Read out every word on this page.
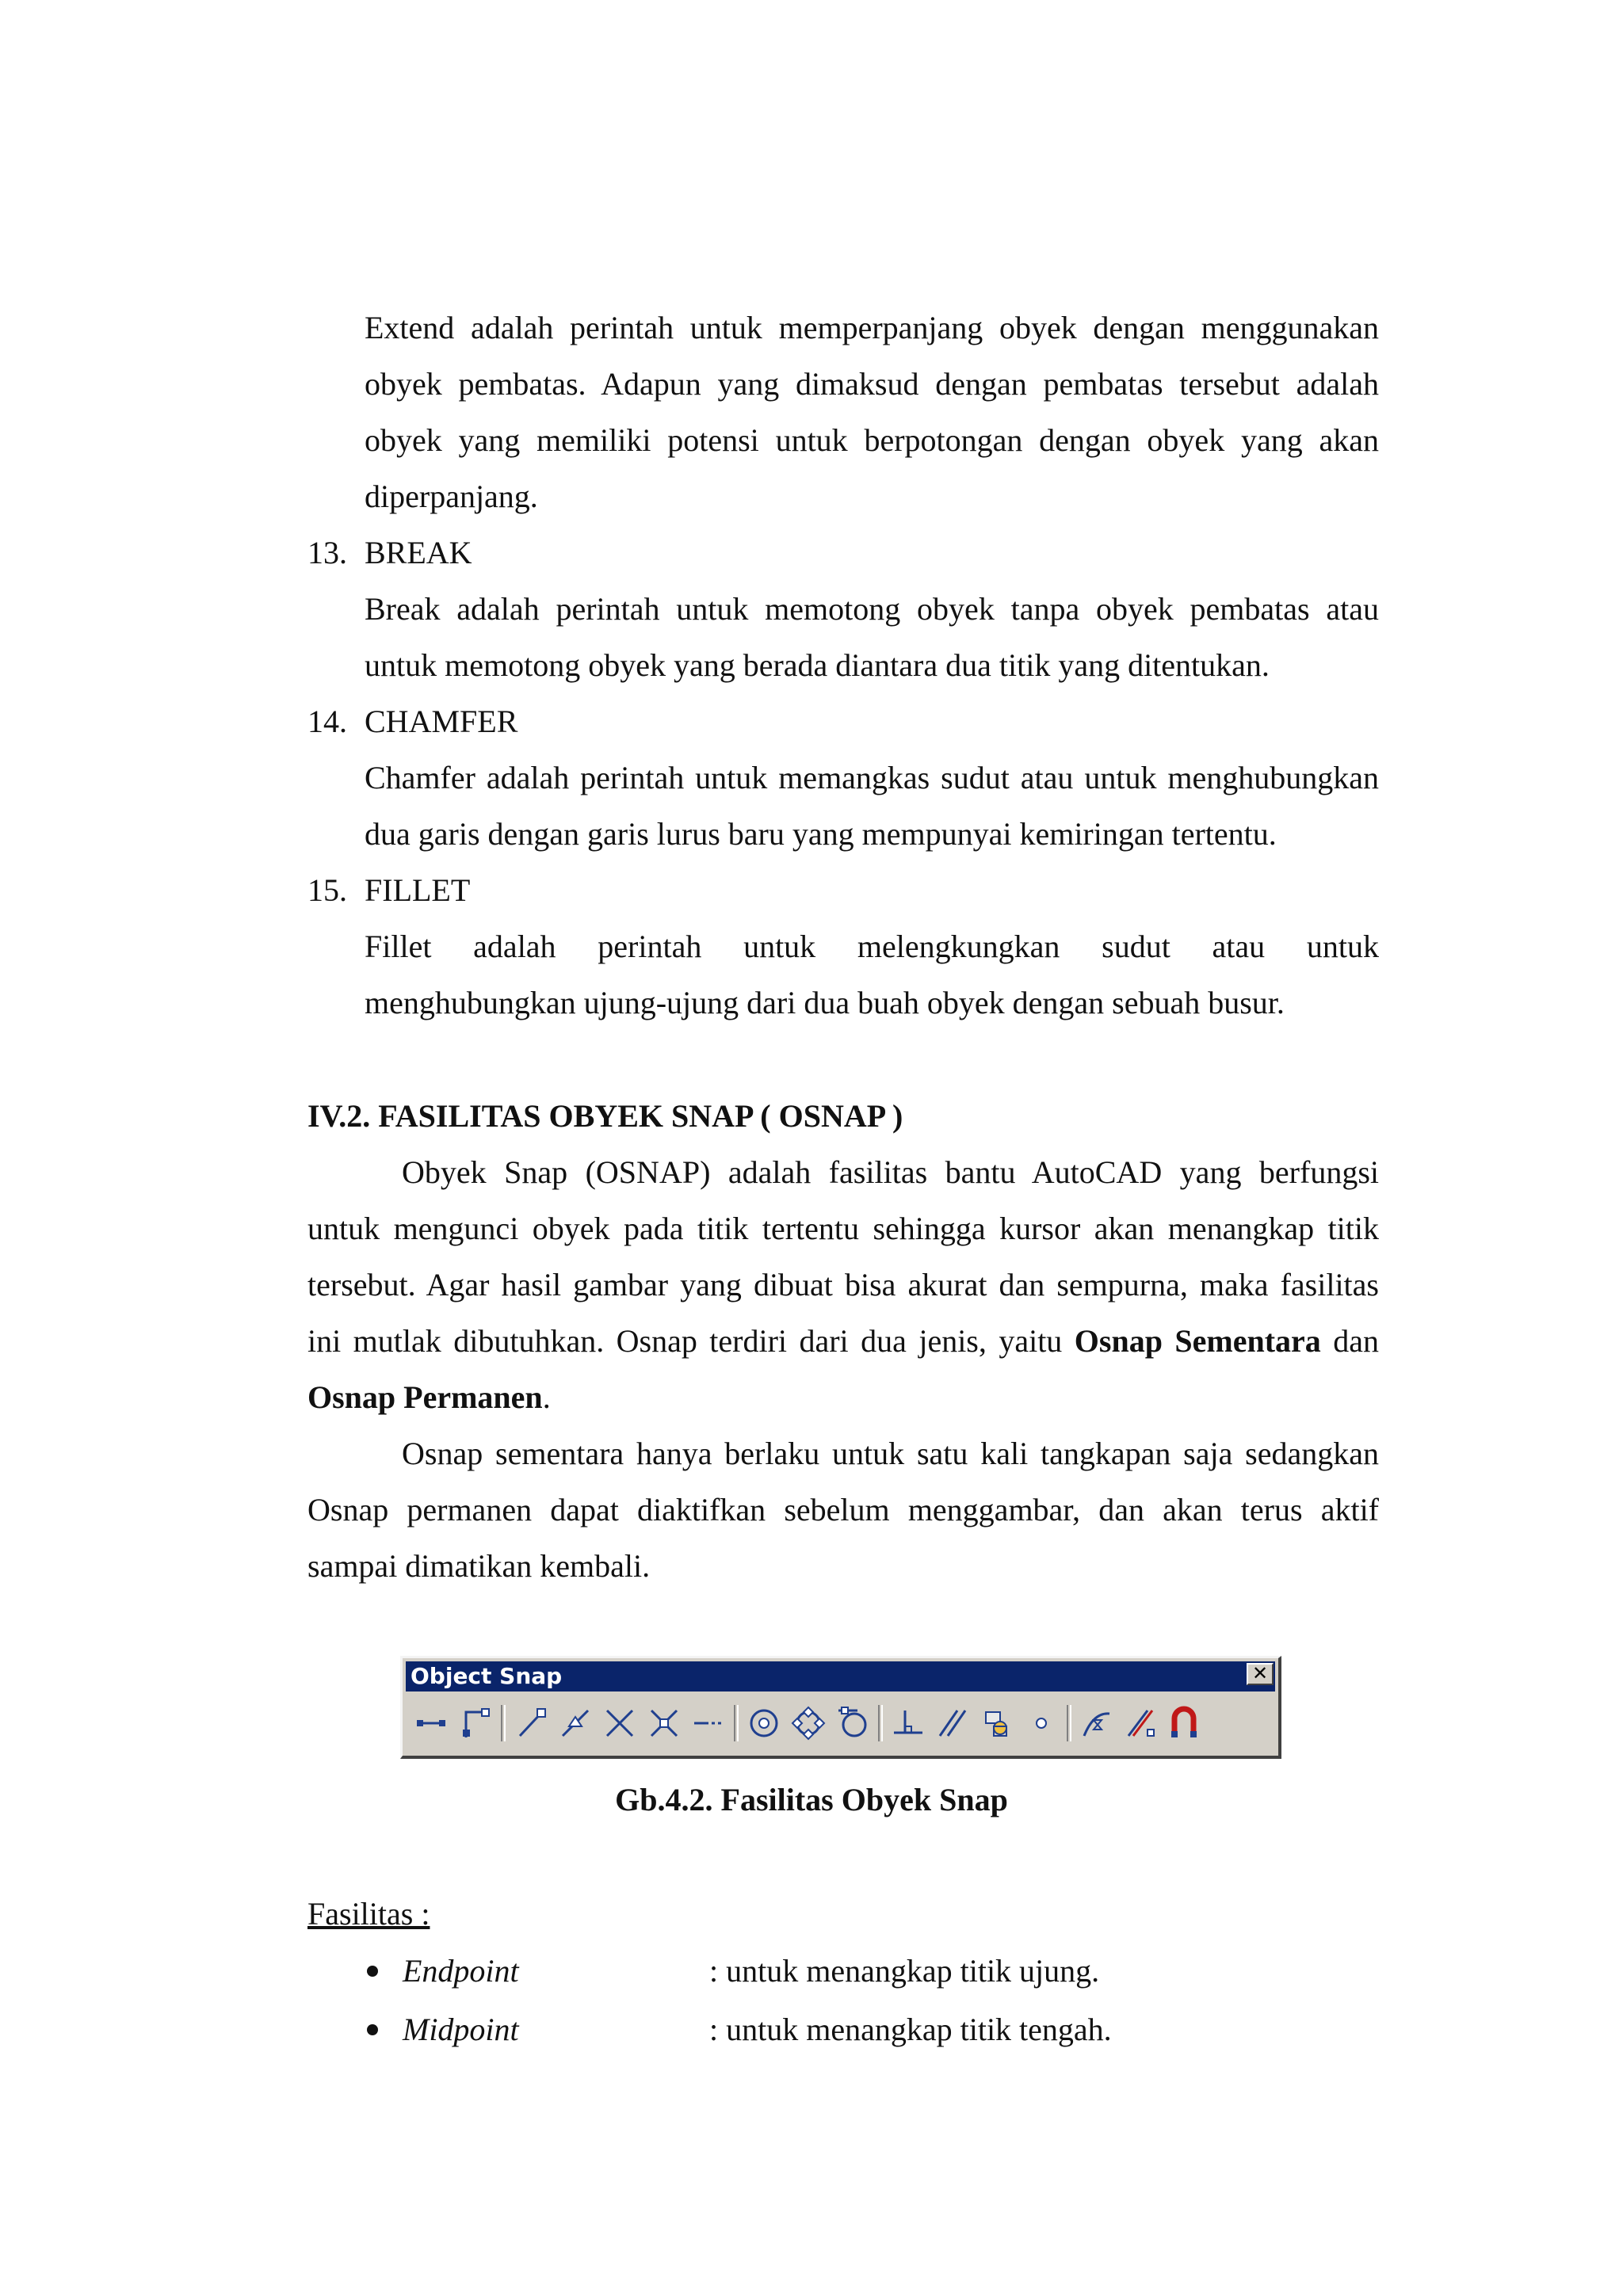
Extend adalah perintah untuk memperpanjang obyek dengan menggunakan
obyek pembatas. Adapun yang dimaksud dengan pembatas tersebut adalah
obyek yang memiliki potensi untuk berpotongan dengan obyek yang akan
diperpanjang.
13. BREAK
Break adalah perintah untuk memotong obyek tanpa obyek pembatas atau
untuk memotong obyek yang berada diantara dua titik yang ditentukan.
14. CHAMFER
Chamfer adalah perintah untuk memangkas sudut atau untuk menghubungkan
dua garis dengan garis lurus baru yang mempunyai kemiringan tertentu.
15. FILLET
Fillet adalah perintah untuk melengkungkan sudut atau untuk
menghubungkan ujung-ujung dari dua buah obyek dengan sebuah busur.
IV.2. FASILITAS OBYEK SNAP ( OSNAP )
Obyek Snap (OSNAP) adalah fasilitas bantu AutoCAD yang berfungsi
untuk mengunci obyek pada titik tertentu sehingga kursor akan menangkap titik
tersebut. Agar hasil gambar yang dibuat bisa akurat dan sempurna, maka fasilitas
ini mutlak dibutuhkan. Osnap terdiri dari dua jenis, yaitu Osnap Sementara dan
Osnap Permanen.
Osnap sementara hanya berlaku untuk satu kali tangkapan saja sedangkan
Osnap permanen dapat diaktifkan sebelum menggambar, dan akan terus aktif
sampai dimatikan kembali.
Object Snap	✕
Gb.4.2. Fasilitas Obyek Snap
Fasilitas :
Endpoint	: untuk menangkap titik ujung.
Midpoint	: untuk menangkap titik tengah.
